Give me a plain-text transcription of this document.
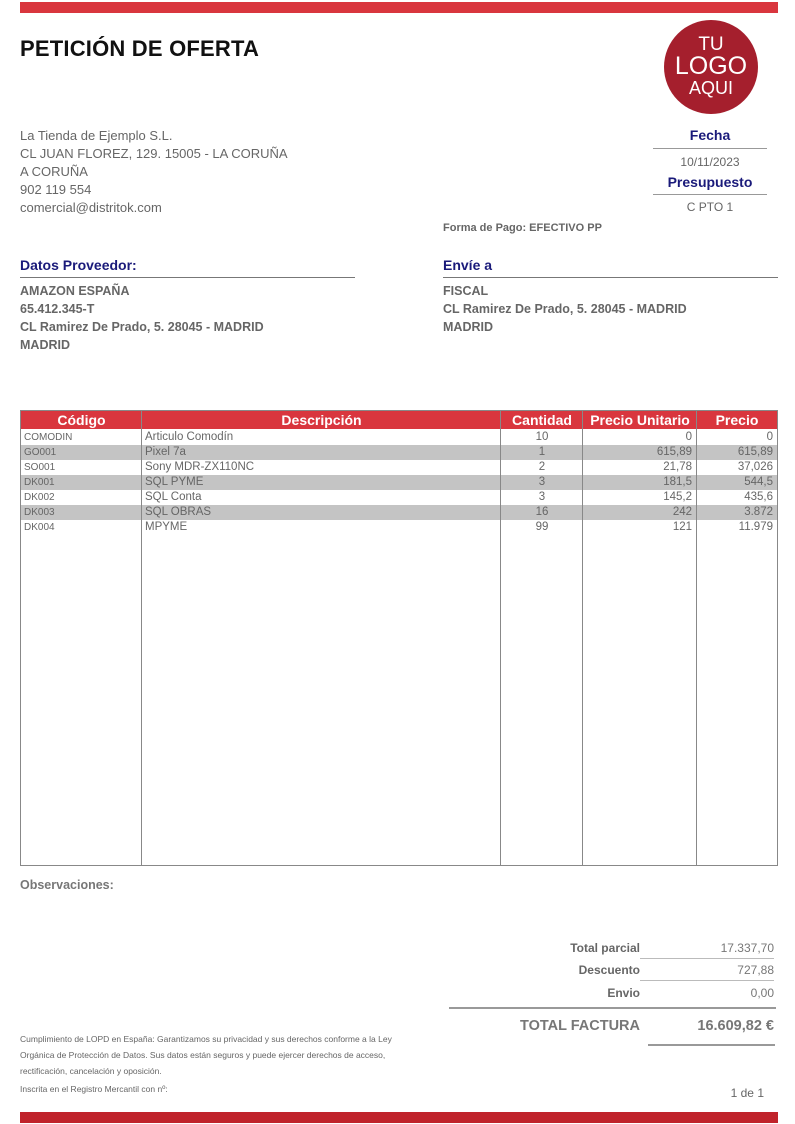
PETICIÓN DE OFERTA	TU
LOGO
AQUI
La Tienda de Ejemplo S.L.
CL JUAN FLOREZ, 129. 15005 - LA CORUÑA
A CORUÑA
902 119 554
comercial@distritok.com
Fecha
10/11/2023
Presupuesto
C PTO 1
Forma de Pago: EFECTIVO PP
Datos Proveedor:
AMAZON ESPAÑA
65.412.345-T
CL Ramirez De Prado, 5. 28045 - MADRID
MADRID
Envíe a
FISCAL
CL Ramirez De Prado, 5. 28045 - MADRID
MADRID
Código	Descripción	Cantidad	Precio Unitario	Precio
COMODIN	Articulo Comodín	10	0	0
GO001	Pixel 7a	1	615,89	615,89
SO001	Sony MDR-ZX110NC	2	21,78	37,026
DK001	SQL PYME	3	181,5	544,5
DK002	SQL Conta	3	145,2	435,6
DK003	SQL OBRAS	16	242	3.872
DK004	MPYME	99	121	11.979
Observaciones:
Total parcial	17.337,70
Descuento	727,88
Envio	0,00
TOTAL FACTURA	16.609,82 €
Cumplimiento de LOPD en España: Garantizamos su privacidad y sus derechos conforme a la Ley Orgánica de Protección de Datos. Sus datos están seguros y puede ejercer derechos de acceso, rectificación, cancelación y oposición.
Inscrita en el Registro Mercantil con nº:	1 de 1
